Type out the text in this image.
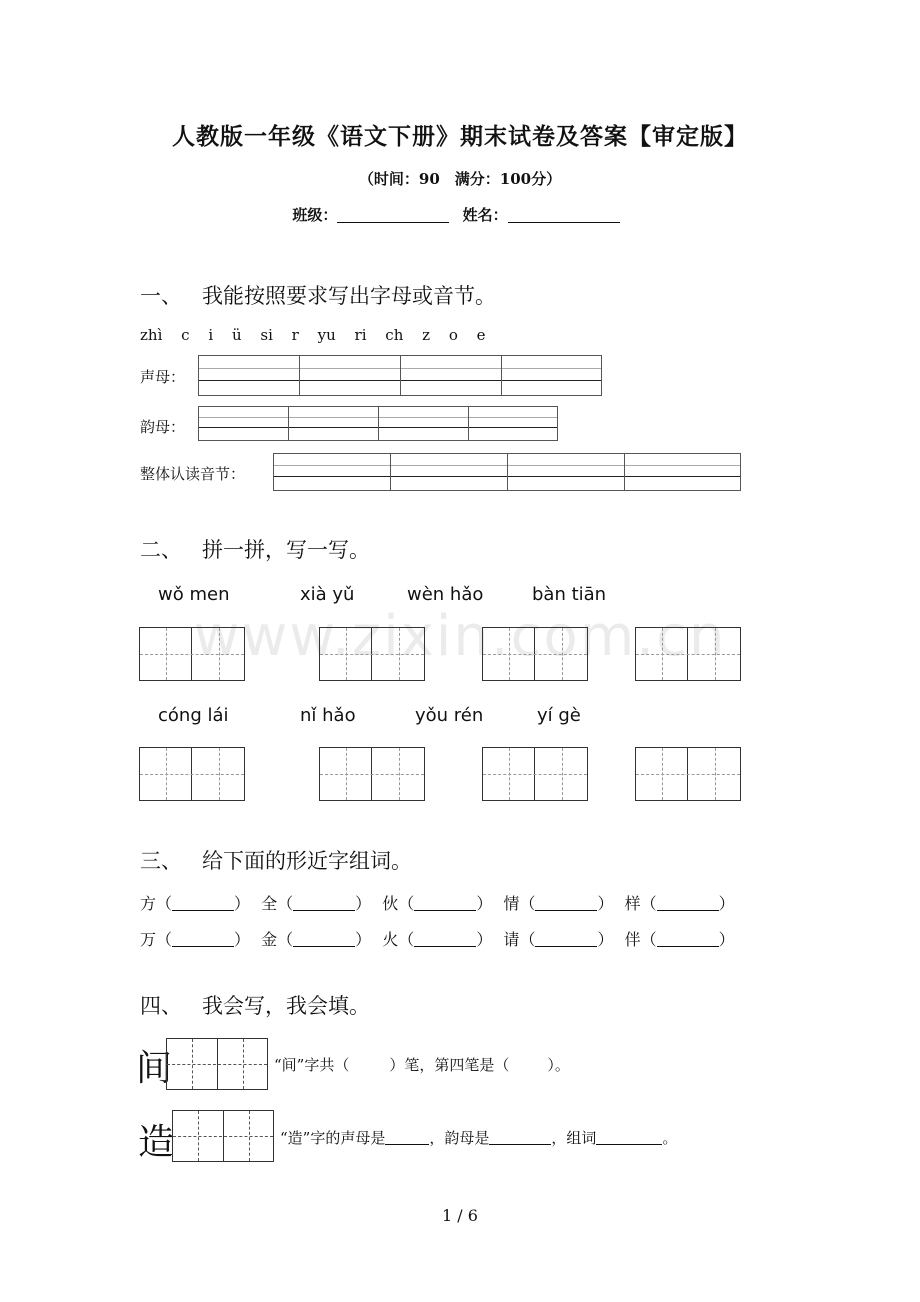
人教版一年级《语文下册》期末试卷及答案【审定版】
（时间：90　满分：100分）
班级：	姓名：
一、 我能按照要求写出字母或音节。
zhì c i ü si r yu ri ch z o e
声母：
韵母：
整体认读音节：
二、 拼一拼，写一写。
www.zixin.com.cn
wǒ men	xià yǔ	wèn hǎo	bàn tiān
cóng lái	nǐ hǎo	yǒu rén	yí gè
三、 给下面的形近字组词。
方（	） 全（	） 伙（	） 情（	） 样（	）
万（	） 金（	） 火（	） 请（	） 伴（	）
四、 我会写，我会填。
间	“间”字共（	）笔，第四笔是（	）。
造	“造”字的声母是	，韵母是	，组词	。
1 / 6
